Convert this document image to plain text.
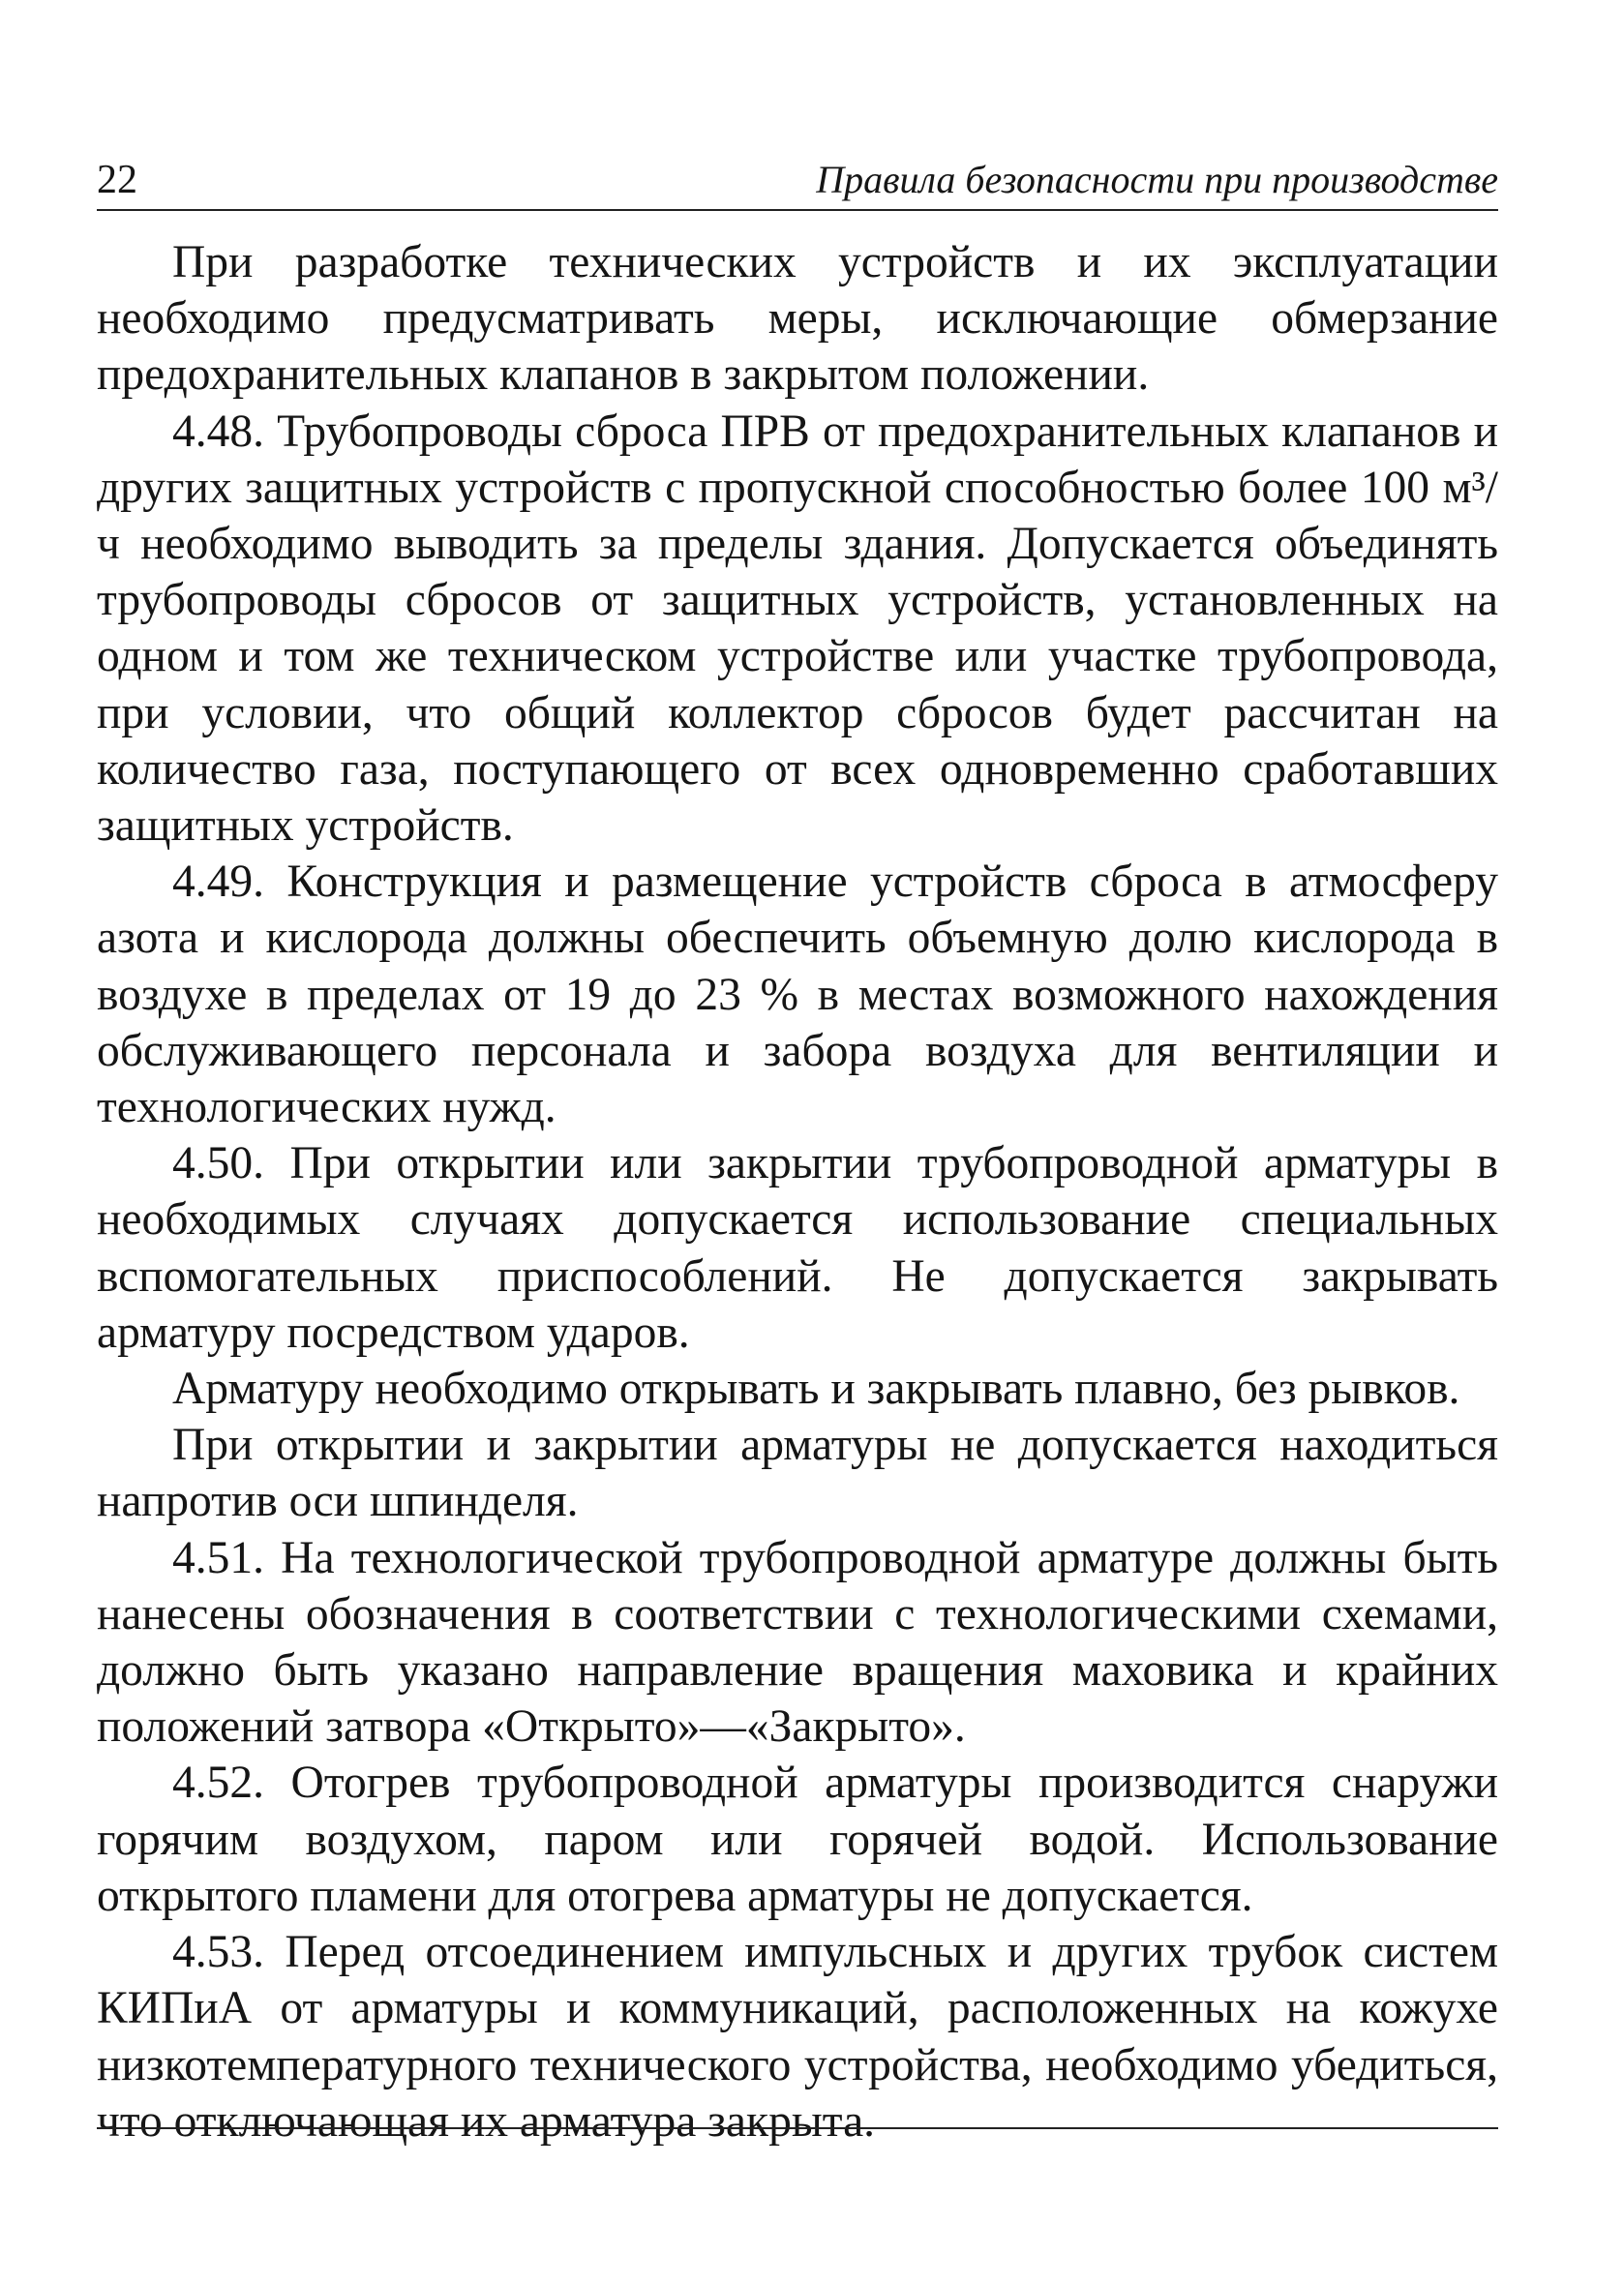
22	Правила безопасности при производстве

При разработке технических устройств и их эксплуатации необходимо предусматривать меры, исключающие обмерзание предохранительных клапанов в закрытом положении.

4.48. Трубопроводы сброса ПРВ от предохранительных клапанов и других защитных устройств с пропускной способностью более 100 м³/ч необходимо выводить за пределы здания. Допускается объединять трубопроводы сбросов от защитных устройств, установленных на одном и том же техническом устройстве или участке трубопровода, при условии, что общий коллектор сбросов будет рассчитан на количество газа, поступающего от всех одновременно сработавших защитных устройств.

4.49. Конструкция и размещение устройств сброса в атмосферу азота и кислорода должны обеспечить объемную долю кислорода в воздухе в пределах от 19 до 23 % в местах возможного нахождения обслуживающего персонала и забора воздуха для вентиляции и технологических нужд.

4.50. При открытии или закрытии трубопроводной арматуры в необходимых случаях допускается использование специальных вспомогательных приспособлений. Не допускается закрывать арматуру посредством ударов.

Арматуру необходимо открывать и закрывать плавно, без рывков.

При открытии и закрытии арматуры не допускается находиться напротив оси шпинделя.

4.51. На технологической трубопроводной арматуре должны быть нанесены обозначения в соответствии с технологическими схемами, должно быть указано направление вращения маховика и крайних положений затвора «Открыто»—«Закрыто».

4.52. Отогрев трубопроводной арматуры производится снаружи горячим воздухом, паром или горячей водой. Использование открытого пламени для отогрева арматуры не допускается.

4.53. Перед отсоединением импульсных и других трубок систем КИПиА от арматуры и коммуникаций, расположенных на кожухе низкотемпературного технического устройства, необходимо убедиться, что отключающая их арматура закрыта.
